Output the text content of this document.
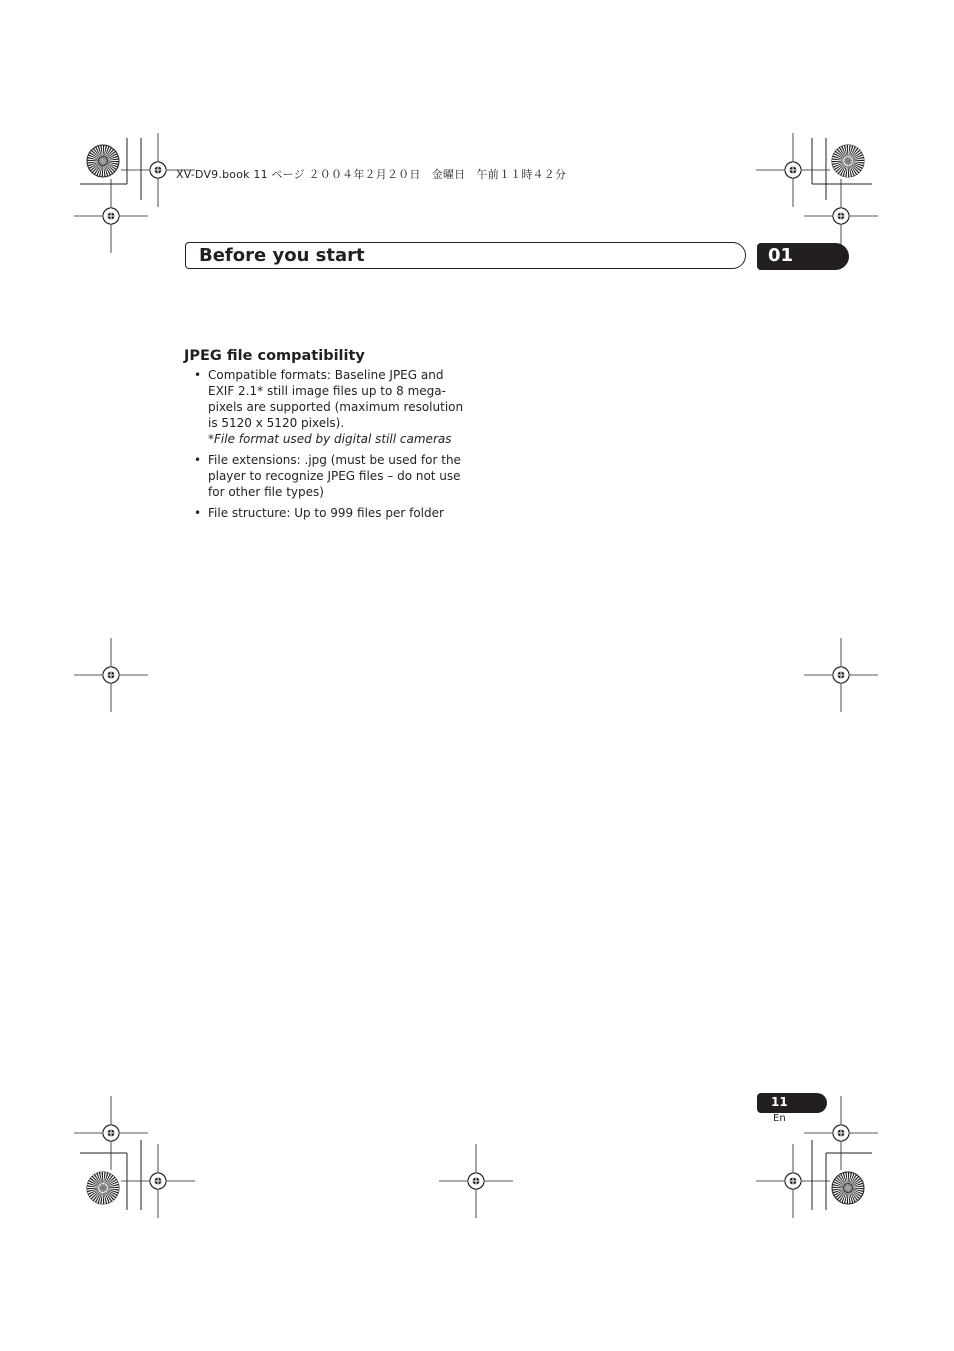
XV-DV9.book 11 ページ ２００４年２月２０日　金曜日　午前１１時４２分
Before you start	01
JPEG file compatibility
• Compatible formats: Baseline JPEG and EXIF 2.1* still image files up to 8 mega-pixels are supported (maximum resolution is 5120 x 5120 pixels).
*File format used by digital still cameras
• File extensions: .jpg (must be used for the player to recognize JPEG files – do not use for other file types)
• File structure: Up to 999 files per folder
11
En
